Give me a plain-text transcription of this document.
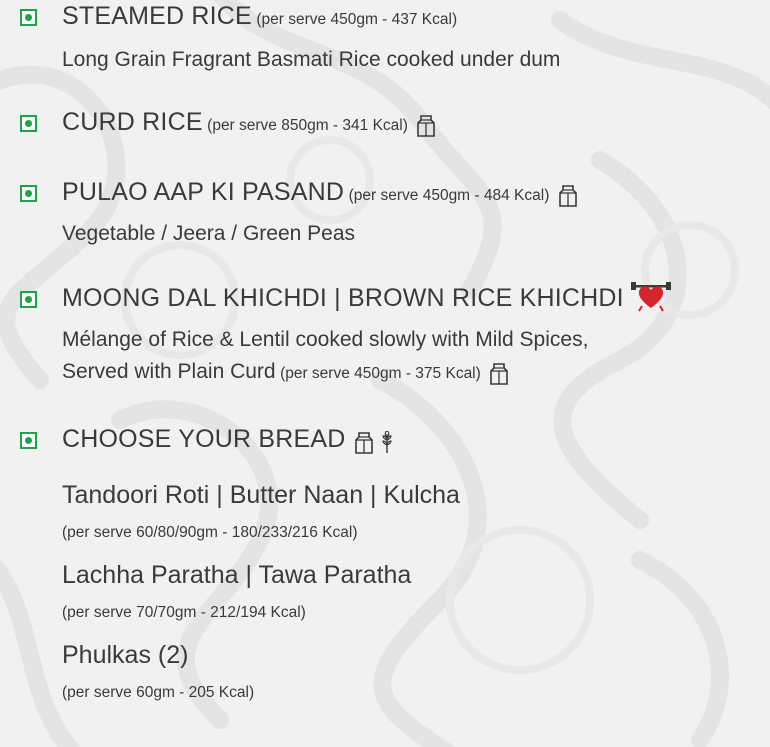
STEAMED RICE (per serve 450gm - 437 Kcal)
Long Grain Fragrant Basmati Rice cooked under dum
CURD RICE (per serve 850gm - 341 Kcal)
PULAO AAP KI PASAND (per serve 450gm - 484 Kcal)
Vegetable / Jeera / Green Peas
MOONG DAL KHICHDI | BROWN RICE KHICHDI
Mélange of Rice & Lentil cooked slowly with Mild Spices,
Served with Plain Curd (per serve 450gm - 375 Kcal)
CHOOSE YOUR BREAD
Tandoori Roti | Butter Naan | Kulcha
(per serve 60/80/90gm - 180/233/216 Kcal)
Lachha Paratha | Tawa Paratha
(per serve 70/70gm - 212/194 Kcal)
Phulkas (2)
(per serve 60gm - 205 Kcal)
